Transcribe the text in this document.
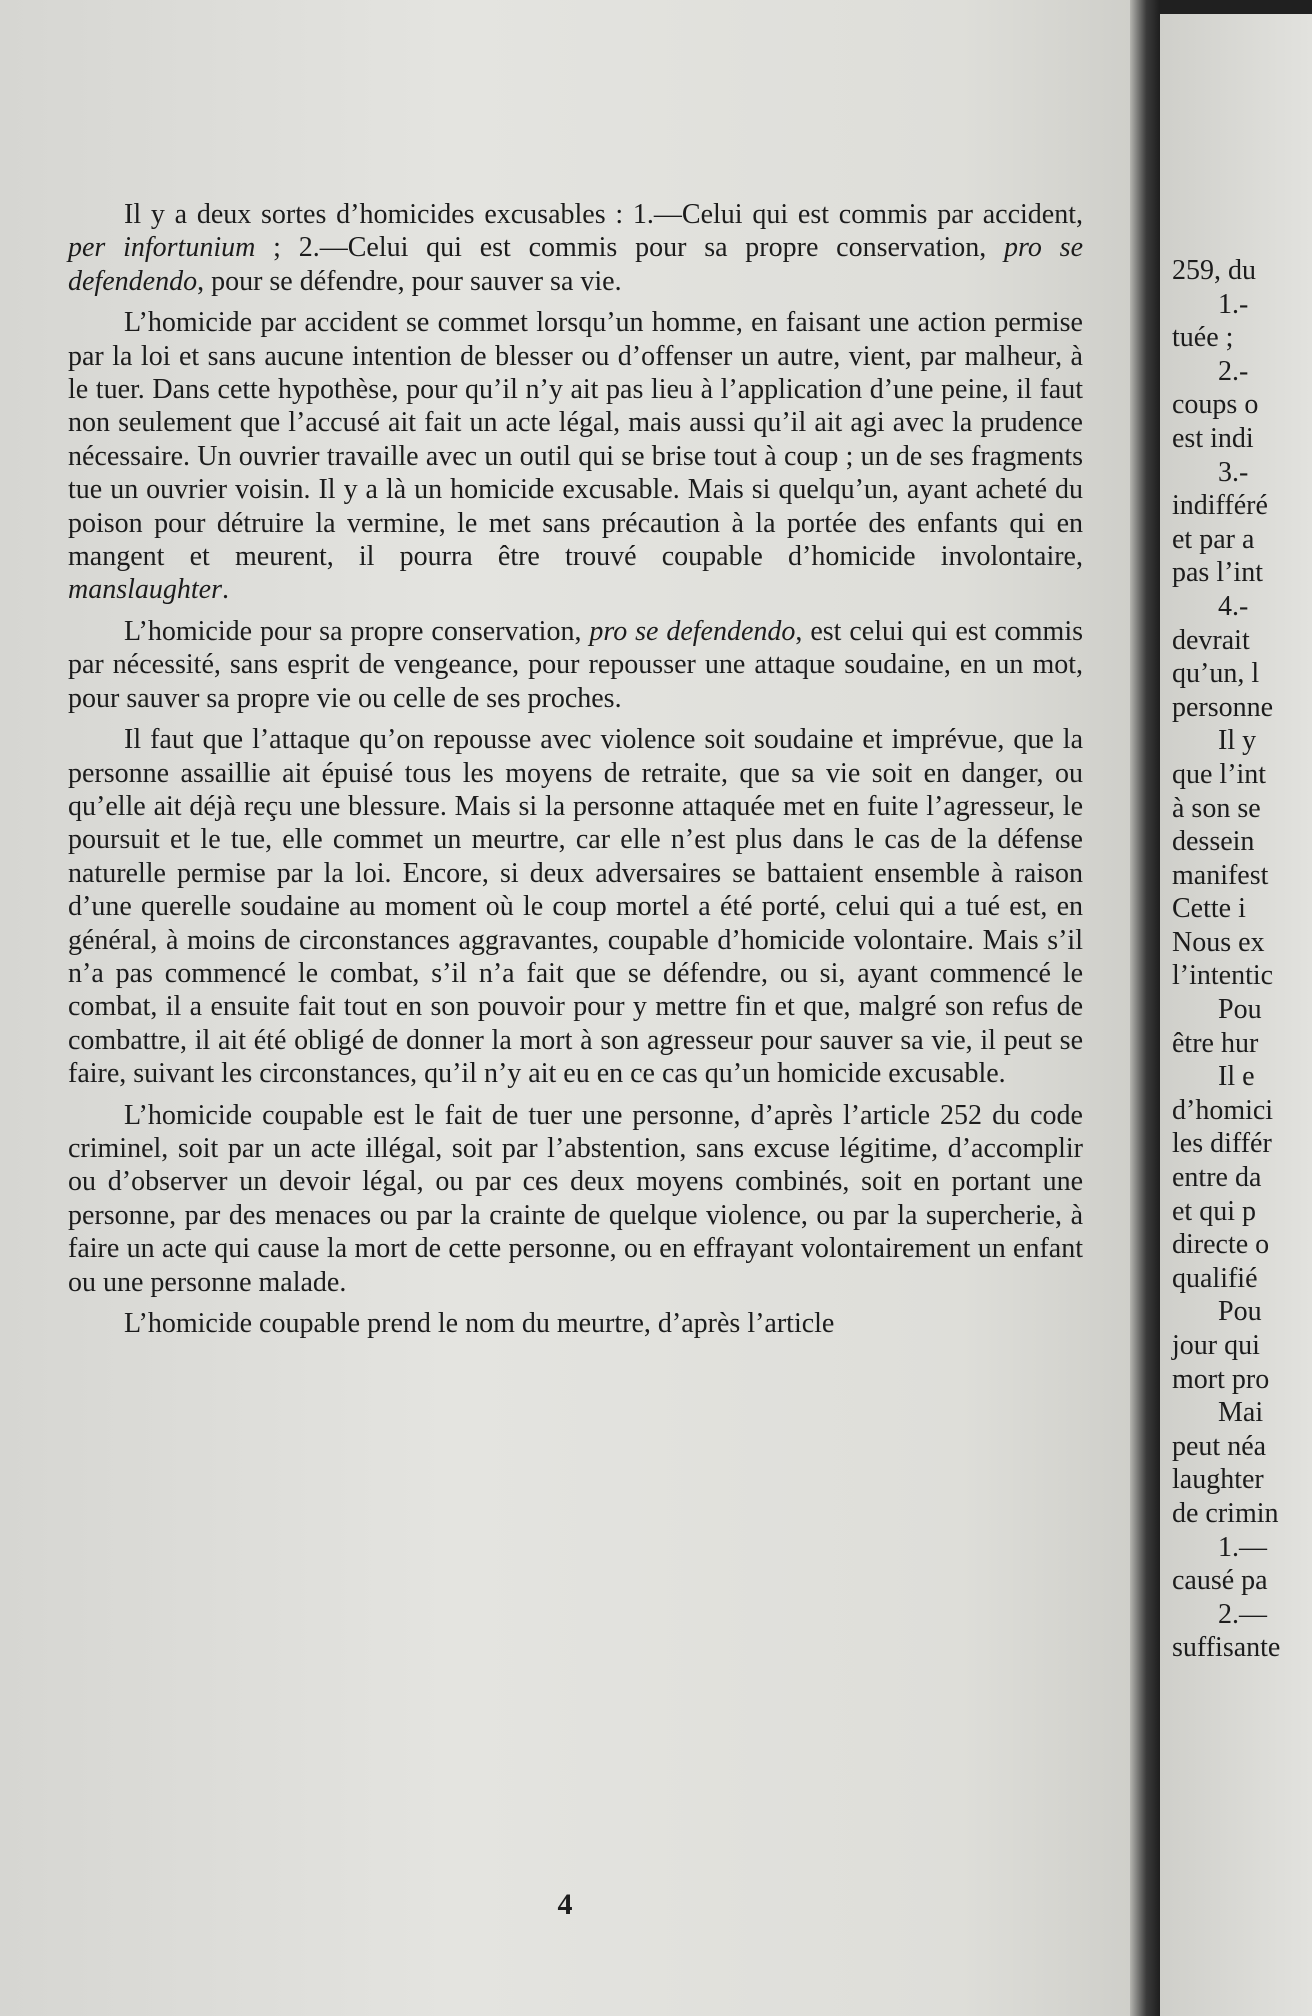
Il y a deux sortes d’homicides excusables : 1.—Celui qui est commis par accident, per infortunium ; 2.—Celui qui est commis pour sa propre conservation, pro se defendendo, pour se défendre, pour sauver sa vie.

L’homicide par accident se commet lorsqu’un homme, en faisant une action permise par la loi et sans aucune intention de blesser ou d’offenser un autre, vient, par malheur, à le tuer. Dans cette hypothèse, pour qu’il n’y ait pas lieu à l’application d’une peine, il faut non seulement que l’accusé ait fait un acte légal, mais aussi qu’il ait agi avec la prudence nécessaire. Un ouvrier travaille avec un outil qui se brise tout à coup ; un de ses fragments tue un ouvrier voisin. Il y a là un homicide excusable. Mais si quelqu’un, ayant acheté du poison pour détruire la vermine, le met sans précaution à la portée des enfants qui en mangent et meurent, il pourra être trouvé coupable d’homicide involontaire, manslaughter.

L’homicide pour sa propre conservation, pro se defendendo, est celui qui est commis par nécessité, sans esprit de vengeance, pour repousser une attaque soudaine, en un mot, pour sauver sa propre vie ou celle de ses proches.

Il faut que l’attaque qu’on repousse avec violence soit soudaine et imprévue, que la personne assaillie ait épuisé tous les moyens de retraite, que sa vie soit en danger, ou qu’elle ait déjà reçu une blessure. Mais si la personne attaquée met en fuite l’agresseur, le poursuit et le tue, elle commet un meurtre, car elle n’est plus dans le cas de la défense naturelle permise par la loi. Encore, si deux adversaires se battaient ensemble à raison d’une querelle soudaine au moment où le coup mortel a été porté, celui qui a tué est, en général, à moins de circonstances aggravantes, coupable d’homicide volontaire. Mais s’il n’a pas commencé le combat, s’il n’a fait que se défendre, ou si, ayant commencé le combat, il a ensuite fait tout en son pouvoir pour y mettre fin et que, malgré son refus de combattre, il ait été obligé de donner la mort à son agresseur pour sauver sa vie, il peut se faire, suivant les circonstances, qu’il n’y ait eu en ce cas qu’un homicide excusable.

L’homicide coupable est le fait de tuer une personne, d’après l’article 252 du code criminel, soit par un acte illégal, soit par l’abstention, sans excuse légitime, d’accomplir ou d’observer un devoir légal, ou par ces deux moyens combinés, soit en portant une personne, par des menaces ou par la crainte de quelque violence, ou par la supercherie, à faire un acte qui cause la mort de cette personne, ou en effrayant volontairement un enfant ou une personne malade.

L’homicide coupable prend le nom du meurtre, d’après l’article

4
259, du
1.-
tuée ;
2.-
coups o
est indi
3.-
indifféré
et par a
pas l’int
4.-
devrait
qu’un, l
personne
Il y
que l’int
à son se
dessein
manifest
Cette i
Nous ex
l’intentic
Pou
être hur
Il e
d’homici
les différ
entre da
et qui p
directe o
qualifié
Pou
jour qui
mort pro
Mai
peut néa
laughter
de crimin
1.—
causé pa
2.—
suffisante
